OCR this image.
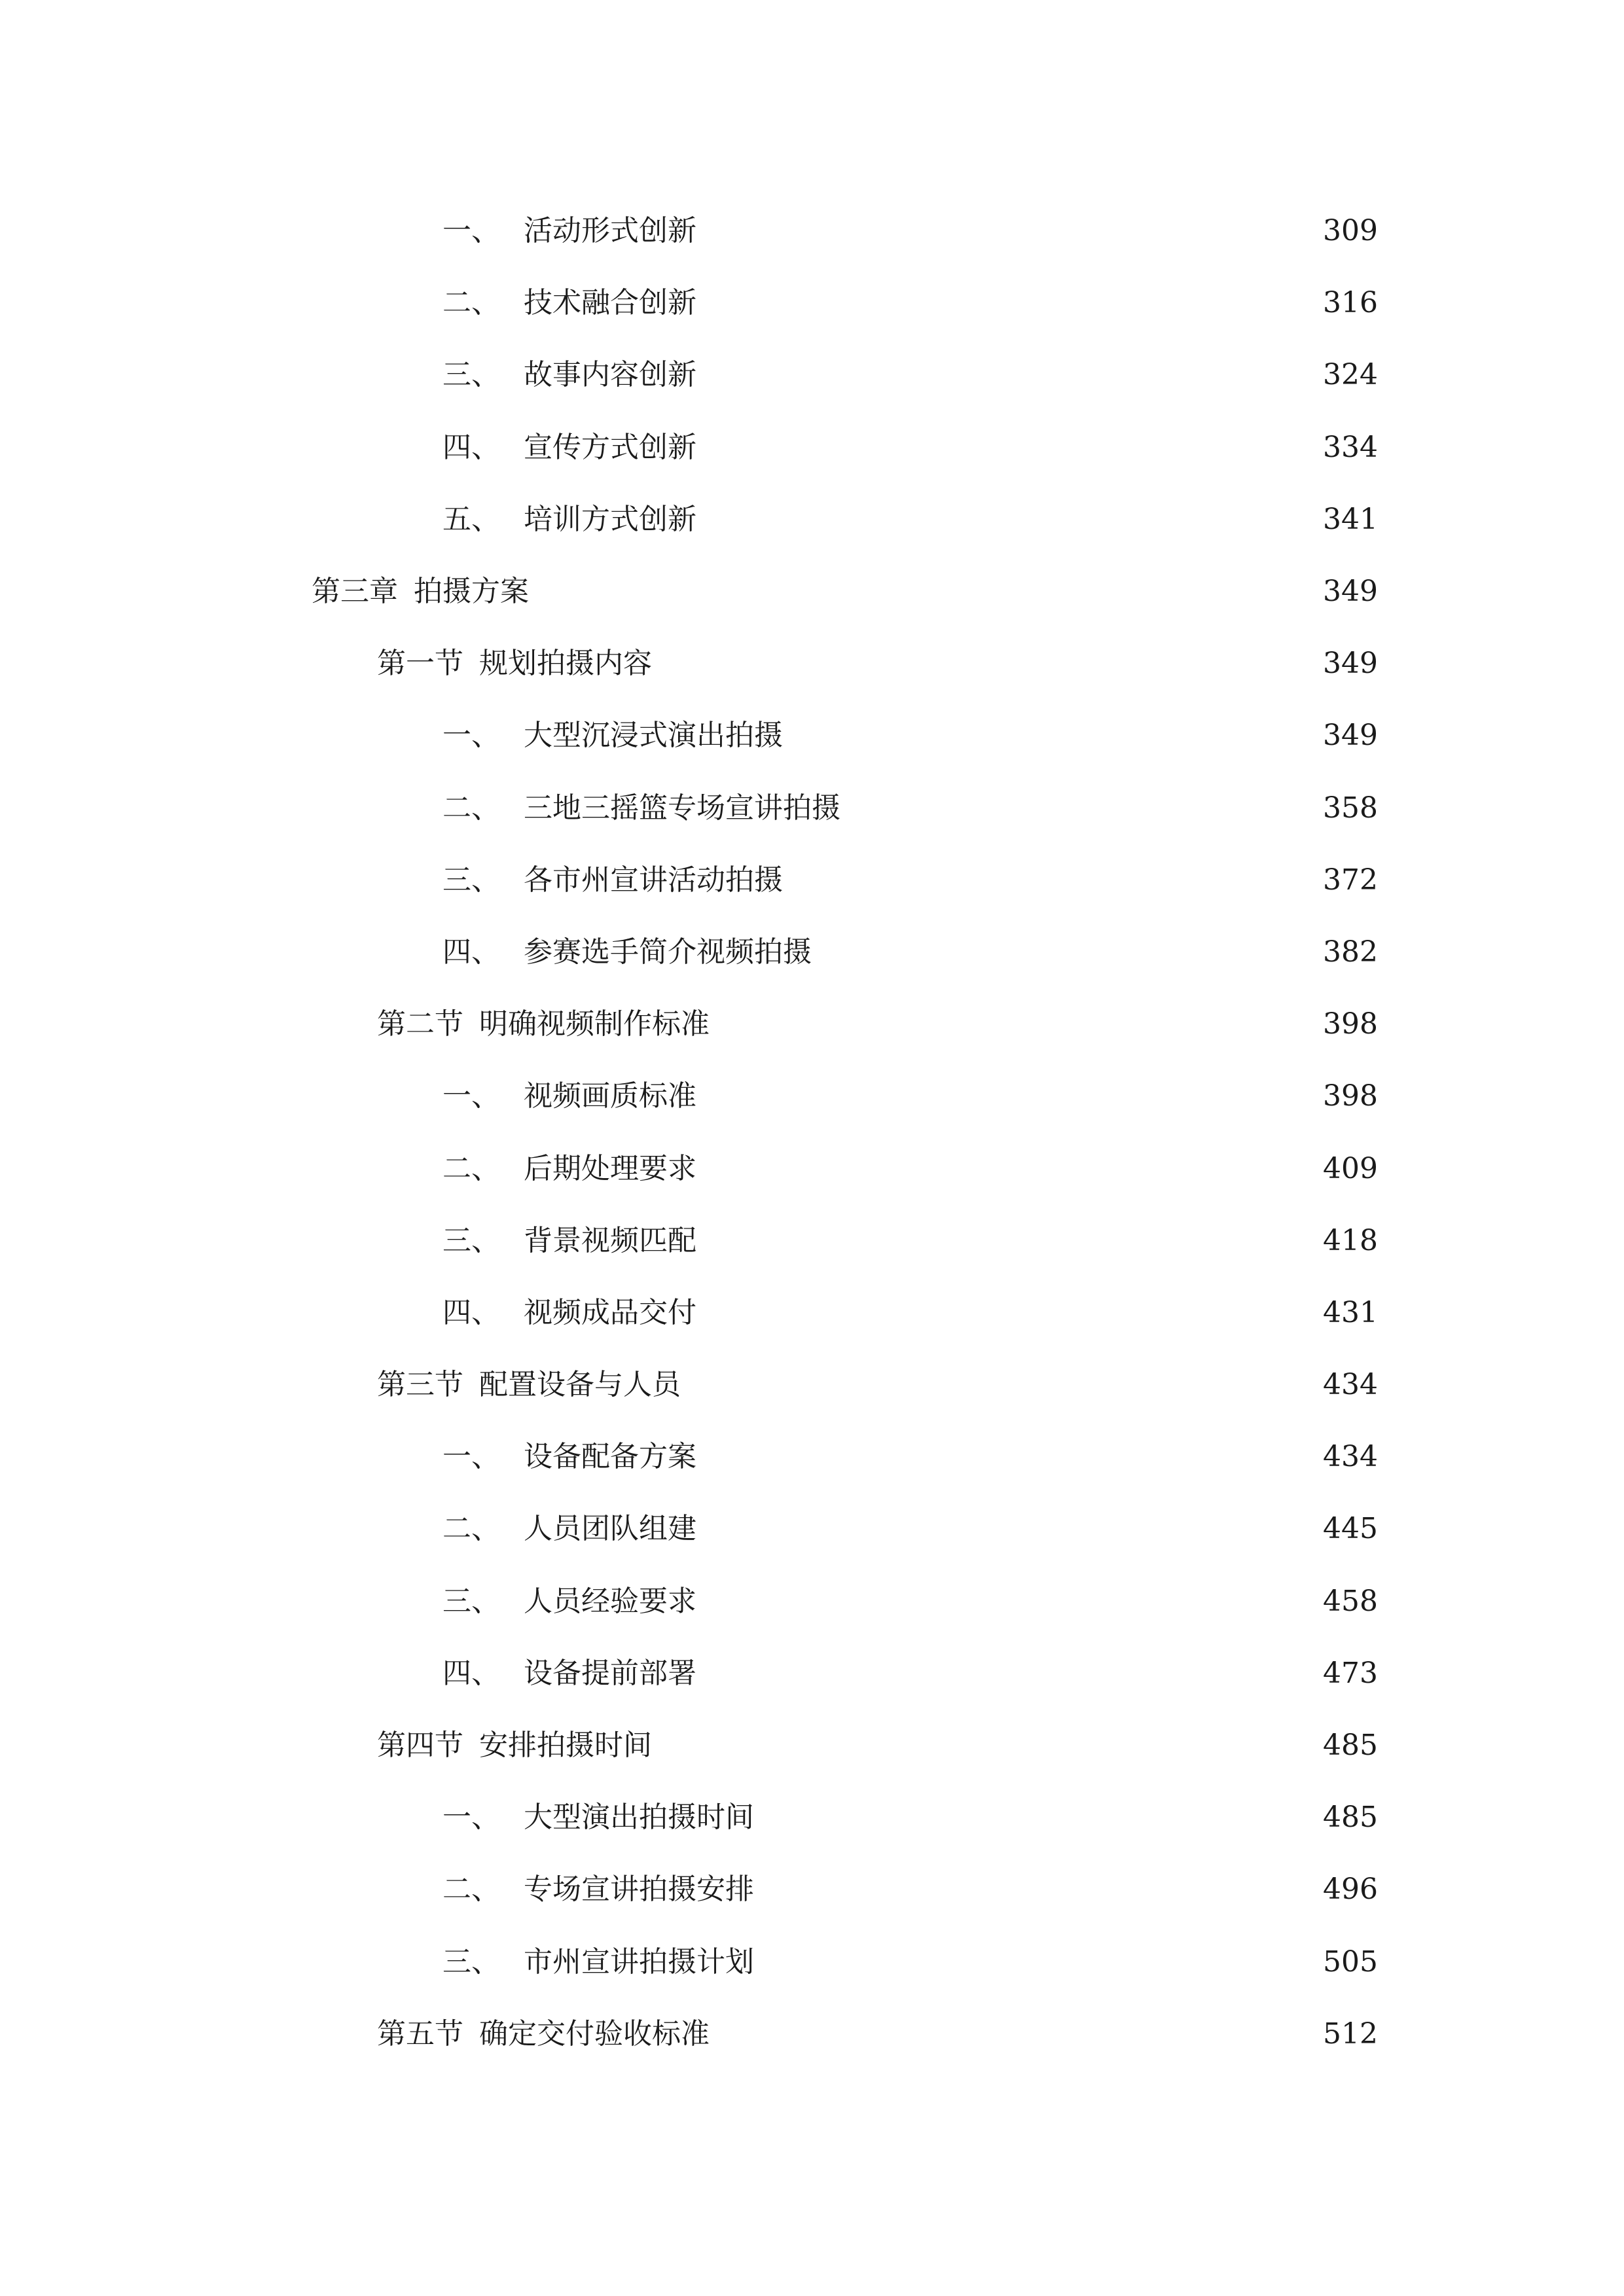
一、 活动形式创新	309
二、 技术融合创新	316
三、 故事内容创新	324
四、 宣传方式创新	334
五、 培训方式创新	341
第三章 拍摄方案	349
第一节 规划拍摄内容	349
一、 大型沉浸式演出拍摄	349
二、 三地三摇篮专场宣讲拍摄	358
三、 各市州宣讲活动拍摄	372
四、 参赛选手简介视频拍摄	382
第二节 明确视频制作标准	398
一、 视频画质标准	398
二、 后期处理要求	409
三、 背景视频匹配	418
四、 视频成品交付	431
第三节 配置设备与人员	434
一、 设备配备方案	434
二、 人员团队组建	445
三、 人员经验要求	458
四、 设备提前部署	473
第四节 安排拍摄时间	485
一、 大型演出拍摄时间	485
二、 专场宣讲拍摄安排	496
三、 市州宣讲拍摄计划	505
第五节 确定交付验收标准	512
